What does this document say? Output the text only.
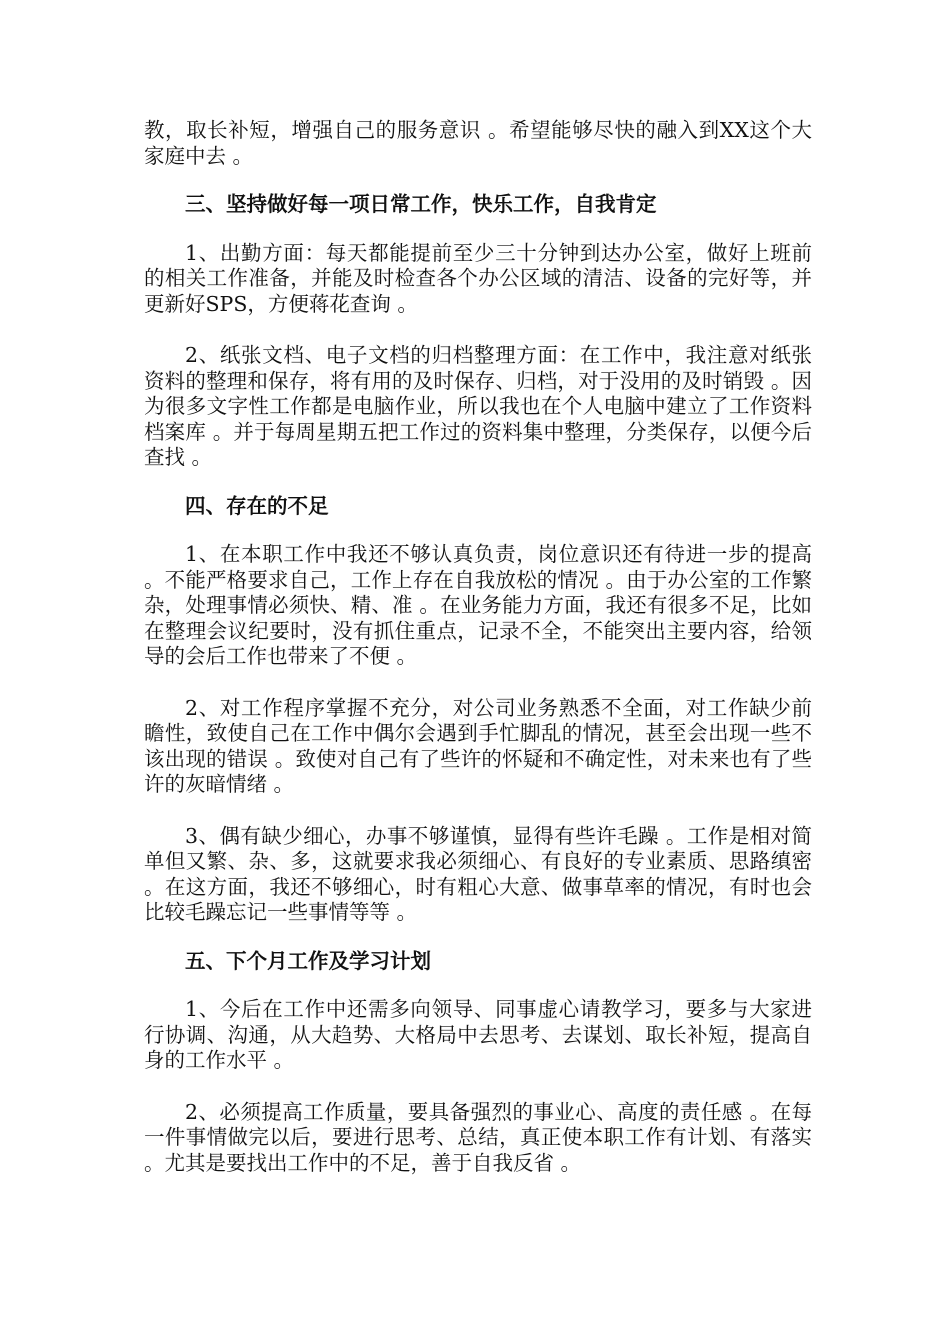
教，取长补短，增强自己的服务意识 。希望能够尽快的融入到XX这个大家庭中去 。

三、坚持做好每一项日常工作，快乐工作，自我肯定

1、出勤方面：每天都能提前至少三十分钟到达办公室，做好上班前的相关工作准备，并能及时检查各个办公区域的清洁、设备的完好等，并更新好SPS，方便蒋花查询 。

2、纸张文档、电子文档的归档整理方面：在工作中，我注意对纸张资料的整理和保存，将有用的及时保存、归档，对于没用的及时销毁 。因为很多文字性工作都是电脑作业，所以我也在个人电脑中建立了工作资料档案库 。并于每周星期五把工作过的资料集中整理，分类保存，以便今后查找 。

四、存在的不足

1、在本职工作中我还不够认真负责，岗位意识还有待进一步的提高 。不能严格要求自己，工作上存在自我放松的情况 。由于办公室的工作繁杂，处理事情必须快、精、准 。在业务能力方面，我还有很多不足，比如在整理会议纪要时，没有抓住重点，记录不全，不能突出主要内容，给领导的会后工作也带来了不便 。

2、对工作程序掌握不充分，对公司业务熟悉不全面，对工作缺少前瞻性，致使自己在工作中偶尔会遇到手忙脚乱的情况，甚至会出现一些不该出现的错误 。致使对自己有了些许的怀疑和不确定性，对未来也有了些许的灰暗情绪 。

3、偶有缺少细心，办事不够谨慎，显得有些许毛躁 。工作是相对简单但又繁、杂、多，这就要求我必须细心、有良好的专业素质、思路缜密 。在这方面，我还不够细心，时有粗心大意、做事草率的情况，有时也会比较毛躁忘记一些事情等等 。

五、下个月工作及学习计划

1、今后在工作中还需多向领导、同事虚心请教学习，要多与大家进行协调、沟通，从大趋势、大格局中去思考、去谋划、取长补短，提高自身的工作水平 。

2、必须提高工作质量，要具备强烈的事业心、高度的责任感 。在每一件事情做完以后，要进行思考、总结，真正使本职工作有计划、有落实 。尤其是要找出工作中的不足，善于自我反省 。
